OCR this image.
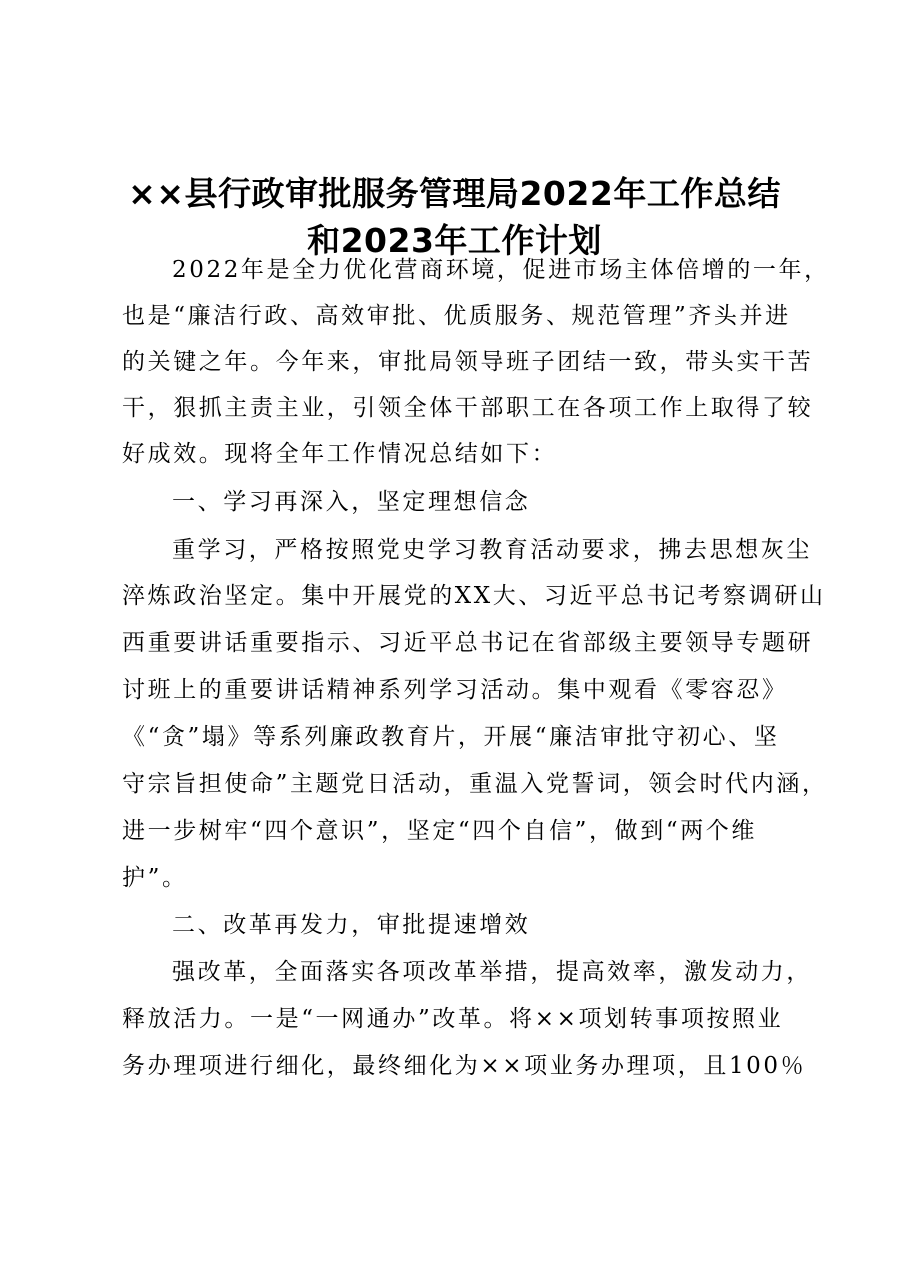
××县行政审批服务管理局2022年工作总结
和2023年工作计划
2022年是全力优化营商环境，促进市场主体倍增的一年，
也是“廉洁行政、高效审批、优质服务、规范管理”齐头并进
的关键之年。今年来，审批局领导班子团结一致，带头实干苦
干，狠抓主责主业，引领全体干部职工在各项工作上取得了较
好成效。现将全年工作情况总结如下：
一、学习再深入，坚定理想信念
重学习，严格按照党史学习教育活动要求，拂去思想灰尘
淬炼政治坚定。集中开展党的XX大、习近平总书记考察调研山
西重要讲话重要指示、习近平总书记在省部级主要领导专题研
讨班上的重要讲话精神系列学习活动。集中观看《零容忍》
《“贪”塌》等系列廉政教育片，开展“廉洁审批守初心、坚
守宗旨担使命”主题党日活动，重温入党誓词，领会时代内涵，
进一步树牢“四个意识”，坚定“四个自信”，做到“两个维
护”。
二、改革再发力，审批提速增效
强改革，全面落实各项改革举措，提高效率，激发动力，
释放活力。一是“一网通办”改革。将××项划转事项按照业
务办理项进行细化，最终细化为××项业务办理项，且100％
